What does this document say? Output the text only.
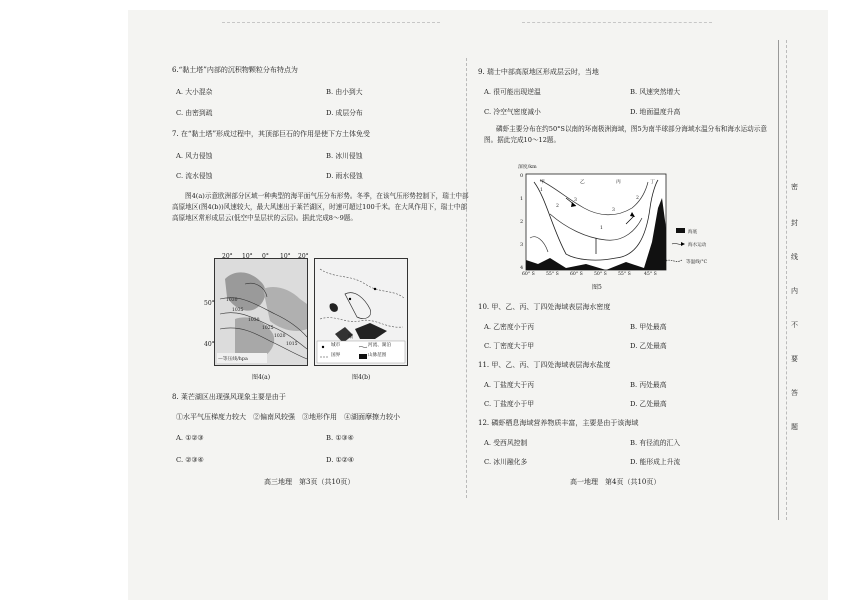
6.“黏土塔”内部的沉积物颗粒分布特点为
A. 大小混杂	B. 由小到大
C. 由密到疏	D. 成层分布
7. 在“黏土塔”形成过程中，其顶部巨石的作用是使下方土体免受
A. 风力侵蚀	B. 冰川侵蚀
C. 流水侵蚀	D. 雨水侵蚀
图4(a)示意欧洲部分区域一种典型的海平面气压分布形势。冬季，在该气压形势控制下，瑞士中部高原地区(图4(b))风速较大，最大风速出于莱芒湖区，时速可超过100千米。在大风作用下，瑞士中部高原地区常形成层云(低空中呈层状的云层)。据此完成8～9题。
20° 10° 0° 10° 20°
50°
40°
1030
1035
1030
1025
1020
1015
—等压线/hpa
图4(a)
瑞
城市	河流、湖泊
国界	山脉范围
图4(b)
8. 莱芒湖区出现强风现象主要是由于
①水平气压梯度力较大　②偏南风较强　③地形作用　④湖面摩擦力较小
A. ①②③	B. ①③④
C. ②③④	D. ①②④
高三地理　第3页（共10页）
9. 瑞士中部高原地区形成层云时，当地
A. 很可能出现逆温	B. 风速突然增大
C. 冷空气密度减小	D. 地面温度升高
磷虾主要分布在约50°S以南的环南极洲海域，图5为南半球部分海域水温分布和海水运动示意图。据此完成10～12题。
深度/km
0
1
2
3
4
60° S 55° S 60° S 50° S 55° S	45° S
甲	乙	丙	丁
1
2
3
3
2
1
海底
海水运动
2	等温线/°C
图5
10. 甲、乙、丙、丁四处海域表层海水密度
A. 乙密度小于丙	B. 甲处最高
C. 丁密度大于甲	D. 乙处最高
11. 甲、乙、丙、丁四处海域表层海水盐度
A. 丁盐度大于丙	B. 丙处最高
C. 丁盐度小于甲	D. 乙处最高
12. 磷虾栖息海域营养物质丰富，主要是由于该海域
A. 受西风控制	B. 有径流的汇入
C. 冰川融化多	D. 能形成上升流
高一地理　第4页（共10页）
密
封
线
内
不
要
答
题
